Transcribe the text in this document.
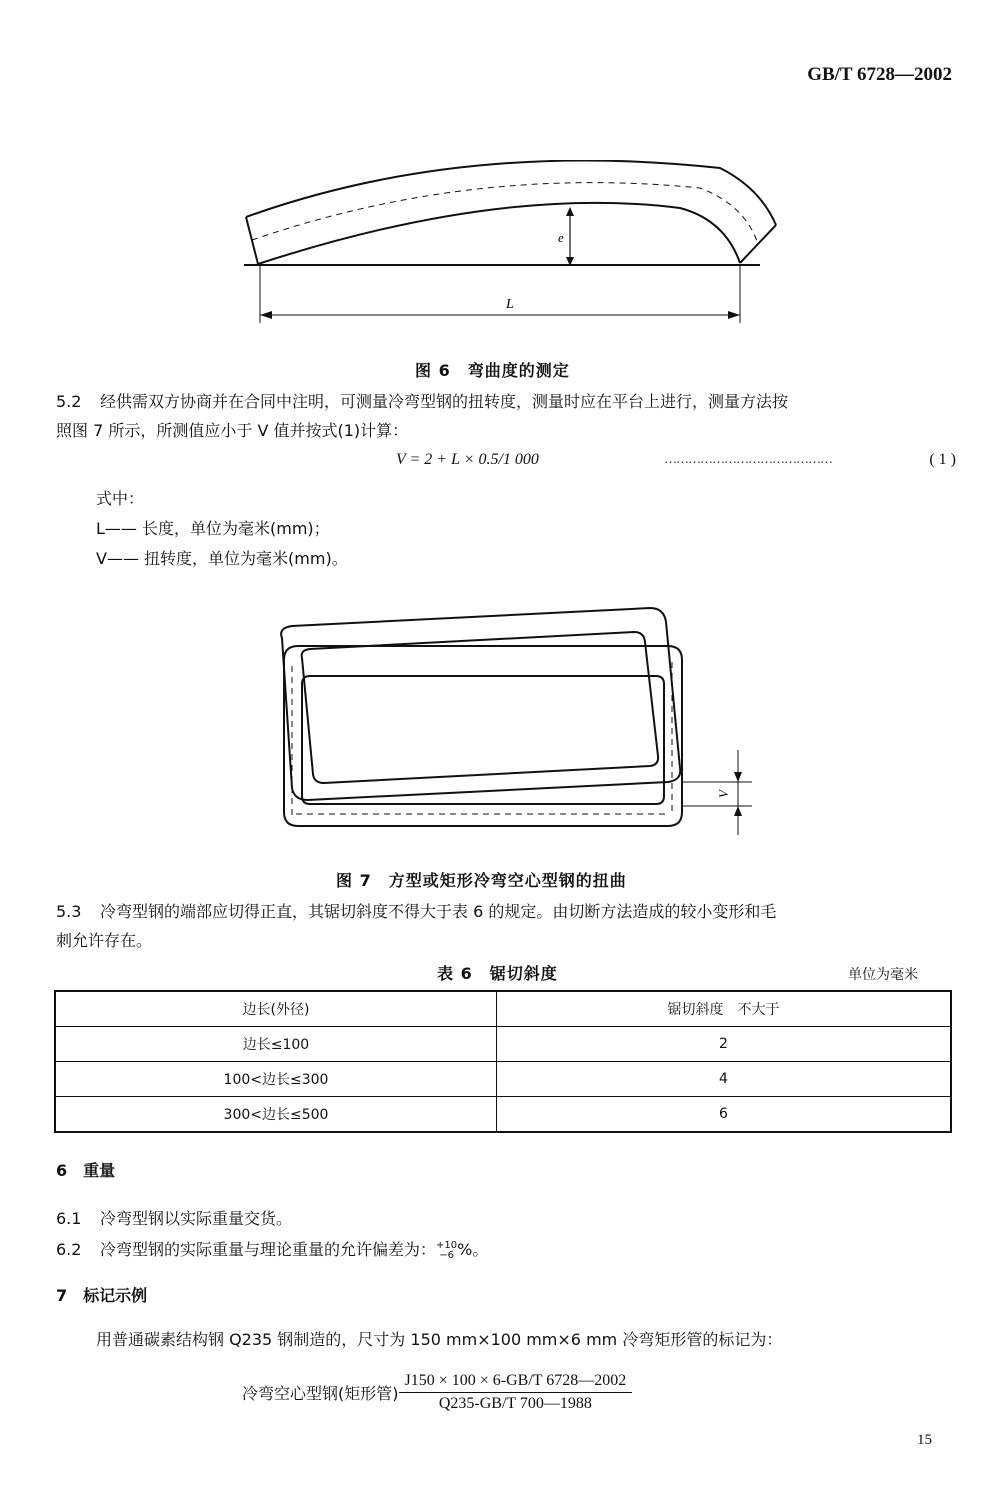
GB/T 6728—2002
e
L
图 6　弯曲度的测定
5.2 经供需双方协商并在合同中注明，可测量冷弯型钢的扭转度，测量时应在平台上进行，测量方法按
照图 7 所示，所测值应小于 V 值并按式(1)计算：
V = 2 + L × 0.5/1 000	……………………………………	( 1 )
式中：
L—— 长度，单位为毫米(mm)；
V—— 扭转度，单位为毫米(mm)。
V
图 7　方型或矩形冷弯空心型钢的扭曲
5.3 冷弯型钢的端部应切得正直，其锯切斜度不得大于表 6 的规定。由切断方法造成的较小变形和毛
刺允许存在。
表 6　锯切斜度	单位为毫米
边长(外径)	锯切斜度　不大于
边长≤100	2
100<边长≤300	4
300<边长≤500	6
6　重量
6.1 冷弯型钢以实际重量交货。
6.2 冷弯型钢的实际重量与理论重量的允许偏差为：+10
−6 %。
7　标记示例
用普通碳素结构钢 Q235 钢制造的，尺寸为 150 mm×100 mm×6 mm 冷弯矩形管的标记为：
冷弯空心型钢(矩形管) $\frac{J150 \times 100 \times 6-GB/T 6728—2002}{Q235-GB/T 700—1988}$
15
